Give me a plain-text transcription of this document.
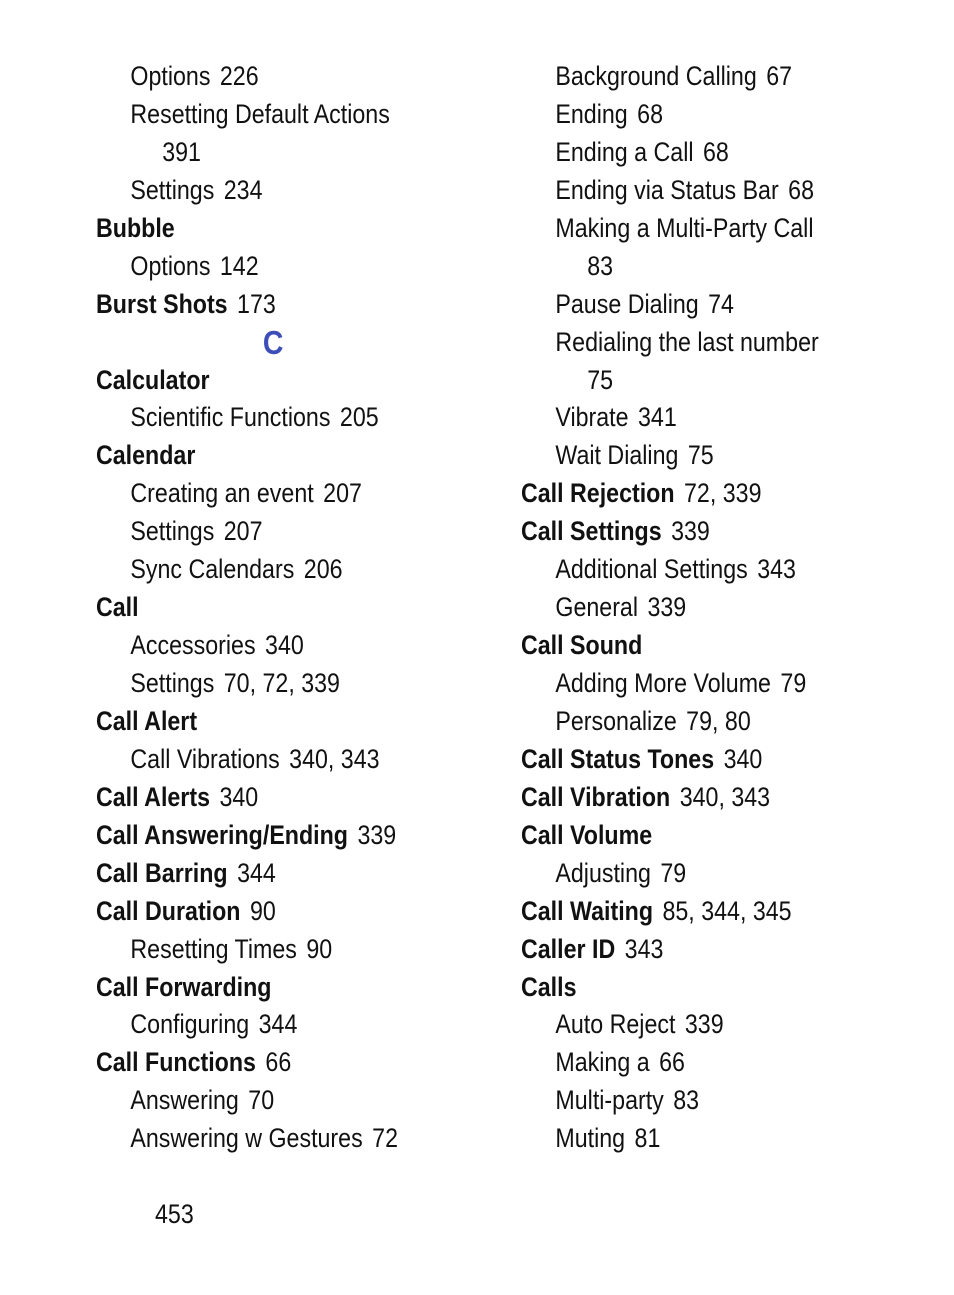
Options 226
Resetting Default Actions
391
Settings 234
Bubble
Options 142
Burst Shots 173
C
Calculator
Scientific Functions 205
Calendar
Creating an event 207
Settings 207
Sync Calendars 206
Call
Accessories 340
Settings 70, 72, 339
Call Alert
Call Vibrations 340, 343
Call Alerts 340
Call Answering/Ending 339
Call Barring 344
Call Duration 90
Resetting Times 90
Call Forwarding
Configuring 344
Call Functions 66
Answering 70
Answering w Gestures 72
Background Calling 67
Ending 68
Ending a Call 68
Ending via Status Bar 68
Making a Multi-Party Call
83
Pause Dialing 74
Redialing the last number
75
Vibrate 341
Wait Dialing 75
Call Rejection 72, 339
Call Settings 339
Additional Settings 343
General 339
Call Sound
Adding More Volume 79
Personalize 79, 80
Call Status Tones 340
Call Vibration 340, 343
Call Volume
Adjusting 79
Call Waiting 85, 344, 345
Caller ID 343
Calls
Auto Reject 339
Making a 66
Multi-party 83
Muting 81
453
